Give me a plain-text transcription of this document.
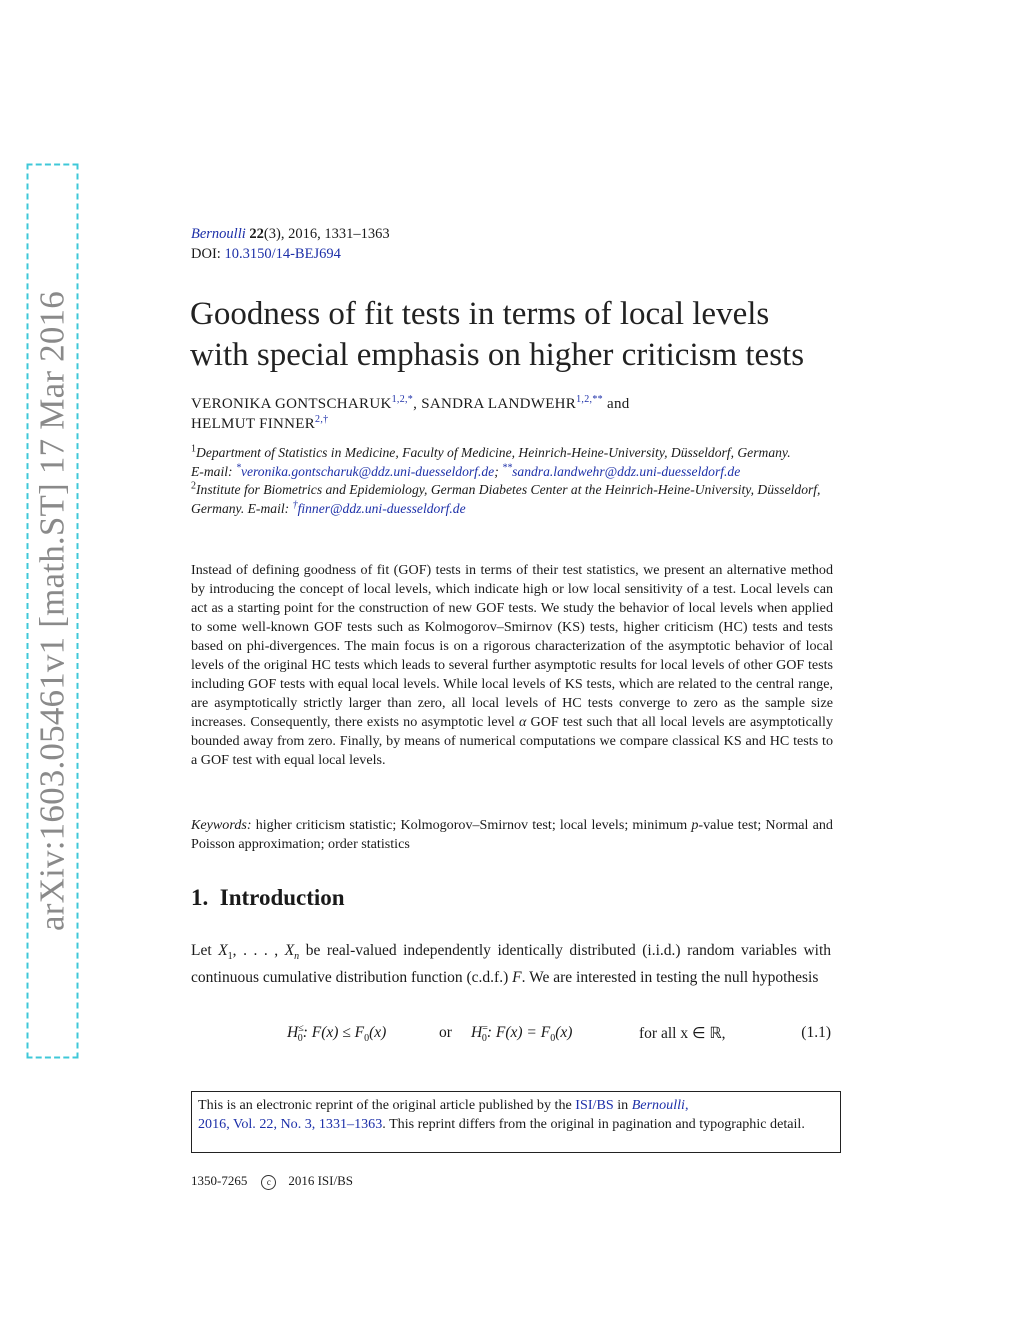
arXiv:1603.05461v1 [math.ST] 17 Mar 2016
Bernoulli 22(3), 2016, 1331–1363
DOI: 10.3150/14-BEJ694
Goodness of fit tests in terms of local levels
with special emphasis on higher criticism tests
VERONIKA $GONTSCHARUK^{1,2,*}$, SANDRA $LANDWEHR^{1,2,**}$ and
HELMUT $FINNER^{2,\dagger}$
$^1$Department of Statistics in Medicine, Faculty of Medicine, Heinrich-Heine-University, Düsseldorf, Germany.
E-mail: *veronika.gontscharuk@ddz.uni-duesseldorf.de; **sandra.landwehr@ddz.uni-duesseldorf.de
$^2$Institute for Biometrics and Epidemiology, German Diabetes Center at the Heinrich-Heine-University, Düsseldorf, Germany. E-mail: †finner@ddz.uni-duesseldorf.de

Instead of defining goodness of fit (GOF) tests in terms of their test statistics, we present an alternative method by introducing the concept of local levels, which indicate high or low local sensitivity of a test. Local levels can act as a starting point for the construction of new GOF tests. We study the behavior of local levels when applied to some well-known GOF tests such as Kolmogorov–Smirnov (KS) tests, higher criticism (HC) tests and tests based on phi-divergences. The main focus is on a rigorous characterization of the asymptotic behavior of local levels of the original HC tests which leads to several further asymptotic results for local levels of other GOF tests including GOF tests with equal local levels. While local levels of KS tests, which are related to the central range, are asymptotically strictly larger than zero, all local levels of HC tests converge to zero as the sample size increases. Consequently, there exists no asymptotic level α GOF test such that all local levels are asymptotically bounded away from zero. Finally, by means of numerical computations we compare classical KS and HC tests to a GOF test with equal local levels.

Keywords: higher criticism statistic; Kolmogorov–Smirnov test; local levels; minimum p-value test; Normal and Poisson approximation; order statistics

1. Introduction

Let $X_1$, . . . , $X_n$ be real-valued independently identically distributed (i.i.d.) random variables with continuous cumulative distribution function (c.d.f.) F. We are interested in testing the null hypothesis

$H^\le_0$: $F(x) \le F_0(x)$	or $H^=_0$: $F(x) = F_0(x)$	for all x ∈ ℝ,	(1.1)
This is an electronic reprint of the original article published by the ISI/BS in Bernoulli,
2016, Vol. 22, No. 3, 1331–1363. This reprint differs from the original in pagination and typographic detail.
1350-7265 c 2016 ISI/BS
